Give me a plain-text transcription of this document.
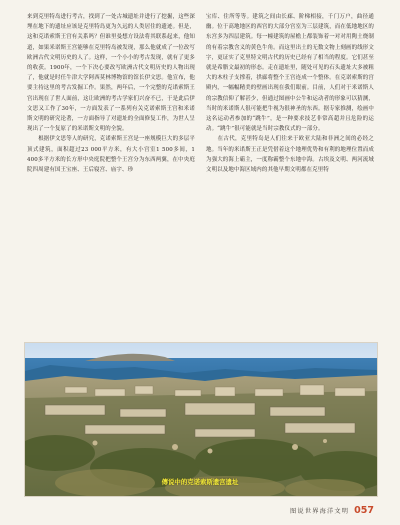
来到克里特岛进行考古，找到了一处古城遗址并进行了挖掘，这些深埋在地下的遗址应该是克里特岛更为久远的人类居住的遗迹。但是，这和克诺索斯王宫有关系吗？但谁里曼想方设法将其联系起来，他知道，如果米诺斯王宫能够在克里特岛被发现，那么他就成了一位改写欧洲古代文明历史的人了。这样，一个小小的考古发现，就有了更多的收获。1900年，一个下决心要改写欧洲古代文明历史的人物出现了，他就是时任牛津大学阿西莫林博物馆的馆长伊文思。他宣布，他要主持这里的考古发掘工作。果然，两年后，一个完整的克诺索斯王宫出现在了世人面前，这让欧洲的考古学家们兴奋不已，于是此后伊文思又工作了30年，一方面发表了一系列有关克诺索斯王宫和米诺斯文明的研究论著，一方面指导了对遗址的全面修复工作，为世人呈现出了一个复原了的米诺斯文明的全貌。
　　根据伊文思等人的研究，克诺索斯王宫是一座规模巨大的多层平顶式建筑，面积超过23 000平方米，有大小宫室1 500多间，1 400多平方米的长方形中央庭院把整个王宫分为东西两翼，在中央庭院四周建有国王宝座、王后寝宫、庙宇、珍
宝库、住所等等。建筑之间由长廊、阶梯相接，千门万户，曲径通幽。位于高地地区的西宫的大部分宫室为三层建筑，而在低地地区的东宫多为四层建筑。每一幢建筑的屋檐上都装饰着一对对用陶土烧制的有着宗教含义的黄色牛角。而这里出土的无数文物上刻画的线形文字，更证实了克里特文明古代的历史已经有了相当的程度。它们甚至就是希腊文最初的形态。走在遗址里，随处可见的石头遗址大多被粗大的木柱子支撑着，拱廊将整个王宫连成一个整体。在克诺索斯的宫殿内，一幅幅精美的壁画出现在我们眼前。目前，人们对于米诺斯人的宗教信仰了解甚少，但通过图画中公牛和运动者的形象可以猜测，当时的米诺斯人很可能把牛视为很神圣的东西。据专家推测，绘画中这名运动者参加的“跳牛”，是一种要求技艺非常高超并且危险的运动。“跳牛”很可能就是当时宗教仪式的一部分。
　　在古代，克里特岛是人们往来于欧亚大陆和非洲之间的必经之地。当年的米诺斯王正是凭借着这个地理优势和有利的地理位置而成为强大的海上霸主，一度称霸整个东地中海。古埃及文明、两河流域文明以及地中海区域内的其他早期文明都在克里特
傳说中的克诺索斯遗宫遗址
图说世界海洋文明 057
